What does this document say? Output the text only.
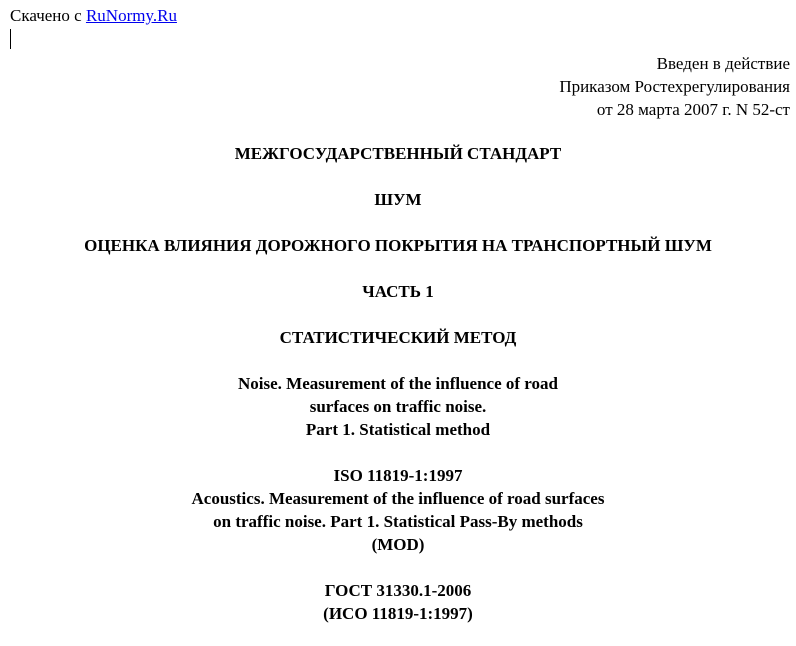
Скачено с RuNormy.Ru
Введен в действие
Приказом Ростехрегулирования
от 28 марта 2007 г. N 52-ст
МЕЖГОСУДАРСТВЕННЫЙ СТАНДАРТ
ШУМ
ОЦЕНКА ВЛИЯНИЯ ДОРОЖНОГО ПОКРЫТИЯ НА ТРАНСПОРТНЫЙ ШУМ
ЧАСТЬ 1
СТАТИСТИЧЕСКИЙ МЕТОД
Noise. Measurement of the influence of road
surfaces on traffic noise.
Part 1. Statistical method
ISO 11819-1:1997
Acoustics. Measurement of the influence of road surfaces
on traffic noise. Part 1. Statistical Pass-By methods
(MOD)
ГОСТ 31330.1-2006
(ИСО 11819-1:1997)
